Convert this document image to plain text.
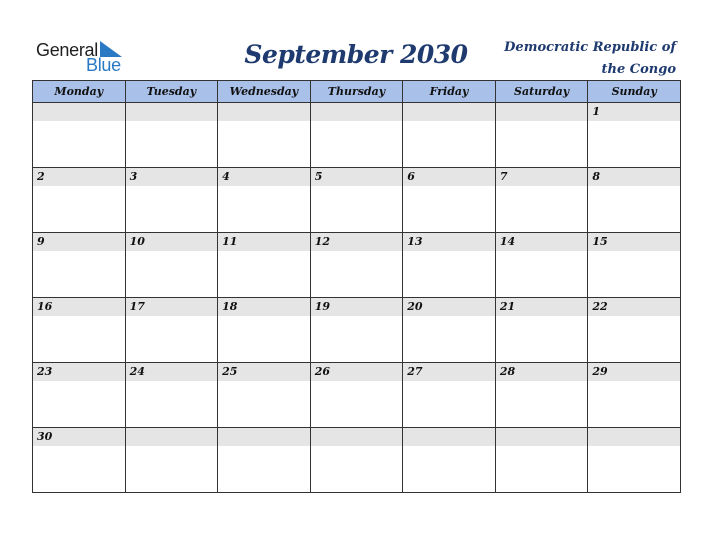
General
Blue	September 2030	Democratic Republic of
the Congo
Monday	Tuesday	Wednesday	Thursday	Friday	Saturday	Sunday

						1

2	3	4	5	6	7	8

9	10	11	12	13	14	15

16	17	18	19	20	21	22

23	24	25	26	27	28	29

30						
